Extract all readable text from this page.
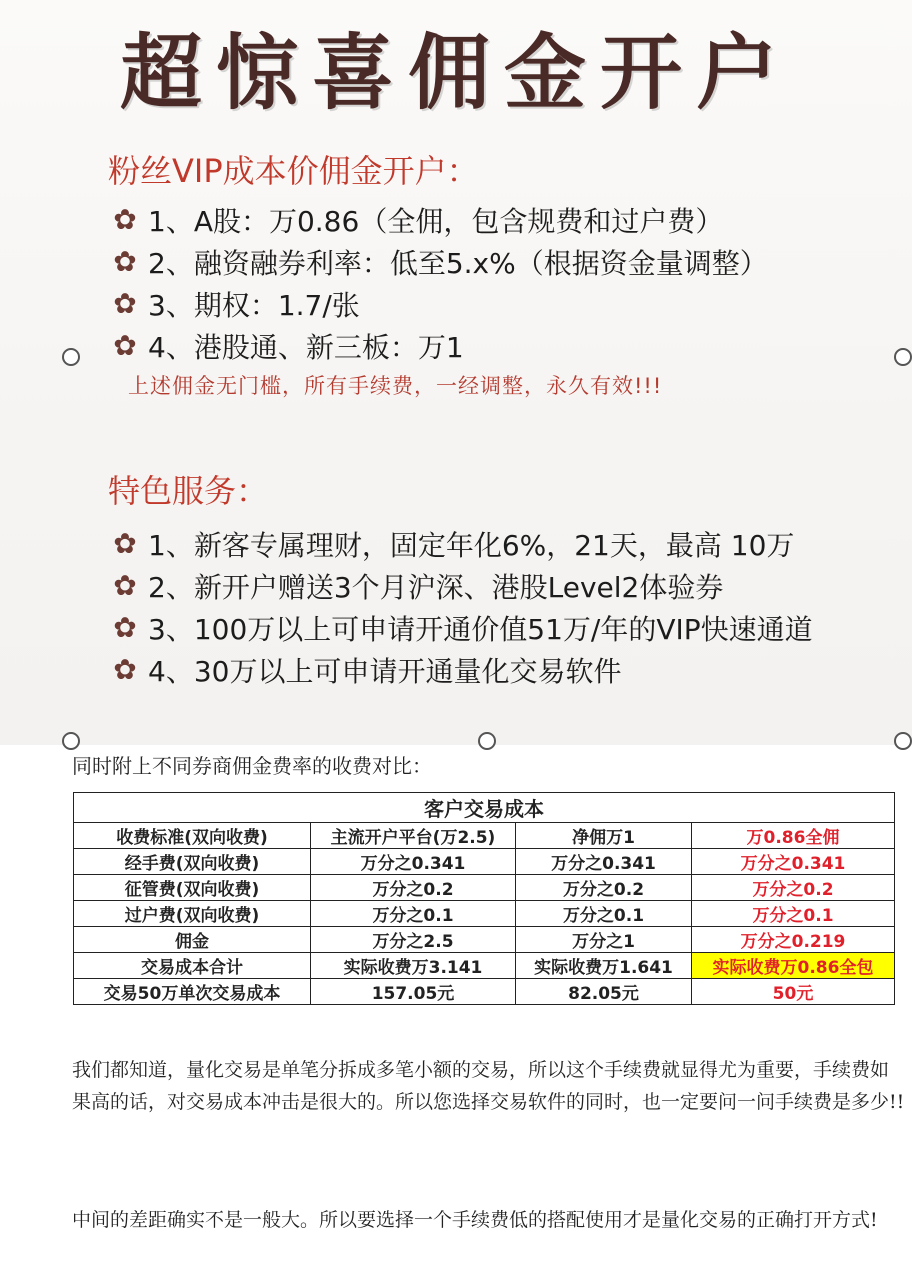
超惊喜佣金开户
粉丝VIP成本价佣金开户：
✿ 1、A股：万0.86（全佣，包含规费和过户费）
✿ 2、融资融券利率：低至5.x%（根据资金量调整）
✿ 3、期权：1.7/张
✿ 4、港股通、新三板：万1
上述佣金无门槛，所有手续费，一经调整，永久有效!!!
特色服务：
✿ 1、新客专属理财，固定年化6%，21天，最高 10万
✿ 2、新开户赠送3个月沪深、港股Level2体验券
✿ 3、100万以上可申请开通价值51万/年的VIP快速通道
✿ 4、30万以上可申请开通量化交易软件
同时附上不同券商佣金费率的收费对比：
客户交易成本			
收费标准(双向收费)	主流开户平台(万2.5)	净佣万1	万0.86全佣
经手费(双向收费)	万分之0.341	万分之0.341	万分之0.341
征管费(双向收费)	万分之0.2	万分之0.2	万分之0.2
过户费(双向收费)	万分之0.1	万分之0.1	万分之0.1
佣金	万分之2.5	万分之1	万分之0.219
交易成本合计	实际收费万3.141	实际收费万1.641	实际收费万0.86全包
交易50万单次交易成本	157.05元	82.05元	50元
我们都知道，量化交易是单笔分拆成多笔小额的交易，所以这个手续费就显得尤为重要，手续费如果高的话，对交易成本冲击是很大的。所以您选择交易软件的同时，也一定要问一问手续费是多少!!
中间的差距确实不是一般大。所以要选择一个手续费低的搭配使用才是量化交易的正确打开方式!
